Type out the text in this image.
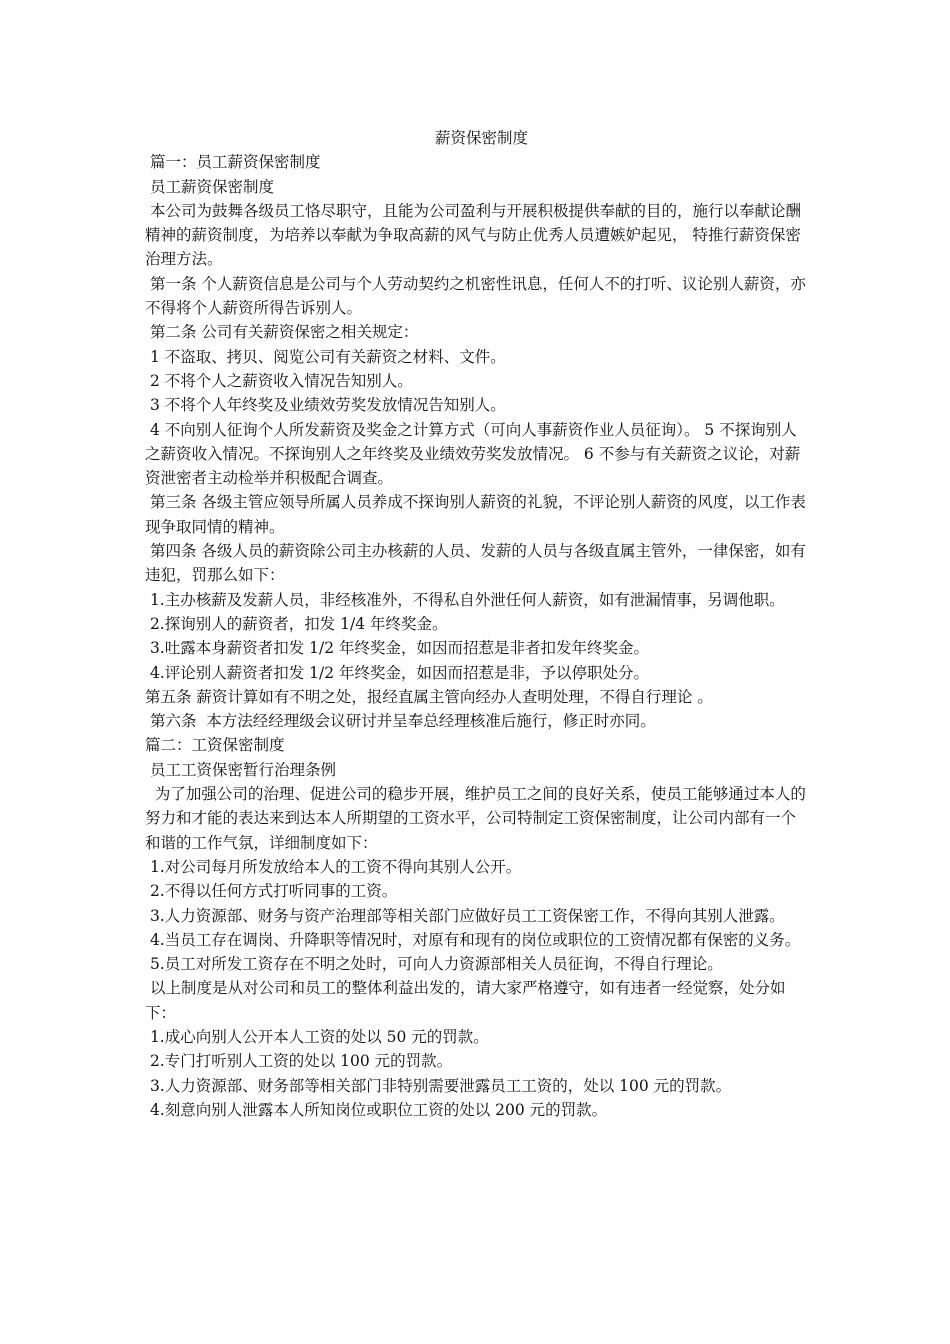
薪资保密制度

篇一：员工薪资保密制度

员工薪资保密制度

本公司为鼓舞各级员工恪尽职守，且能为公司盈利与开展积极提供奉献的目的，施行以奉献论酬精神的薪资制度，为培养以奉献为争取高薪的风气与防止优秀人员遭嫉妒起见， 特推行薪资保密治理方法。

第一条 个人薪资信息是公司与个人劳动契约之机密性讯息，任何人不的打听、议论别人薪资，亦不得将个人薪资所得告诉别人。

第二条 公司有关薪资保密之相关规定：

1 不盗取、拷贝、阅览公司有关薪资之材料、文件。

2 不将个人之薪资收入情况告知别人。

3 不将个人年终奖及业绩效劳奖发放情况告知别人。

4 不向别人征询个人所发薪资及奖金之计算方式（可向人事薪资作业人员征询）。 5 不探询别人之薪资收入情况。不探询别人之年终奖及业绩效劳奖发放情况。 6 不参与有关薪资之议论，对薪资泄密者主动检举并积极配合调查。

第三条 各级主管应领导所属人员养成不探询别人薪资的礼貌，不评论别人薪资的风度，以工作表现争取同情的精神。

第四条 各级人员的薪资除公司主办核薪的人员、发薪的人员与各级直属主管外，一律保密，如有违犯，罚那么如下：

1.主办核薪及发薪人员，非经核准外，不得私自外泄任何人薪资，如有泄漏情事，另调他职。

2.探询别人的薪资者，扣发 1/4 年终奖金。

3.吐露本身薪资者扣发 1/2 年终奖金，如因而招惹是非者扣发年终奖金。

4.评论别人薪资者扣发 1/2 年终奖金，如因而招惹是非，予以停职处分。

第五条 薪资计算如有不明之处，报经直属主管向经办人查明处理，不得自行理论 。

第六条  本方法经经理级会议研讨并呈奉总经理核准后施行，修正时亦同。

篇二：工资保密制度

员工工资保密暂行治理条例

为了加强公司的治理、促进公司的稳步开展，维护员工之间的良好关系，使员工能够通过本人的努力和才能的表达来到达本人所期望的工资水平，公司特制定工资保密制度，让公司内部有一个和谐的工作气氛，详细制度如下：

1.对公司每月所发放给本人的工资不得向其别人公开。

2.不得以任何方式打听同事的工资。

3.人力资源部、财务与资产治理部等相关部门应做好员工工资保密工作，不得向其别人泄露。

4.当员工存在调岗、升降职等情况时，对原有和现有的岗位或职位的工资情况都有保密的义务。

5.员工对所发工资存在不明之处时，可向人力资源部相关人员征询，不得自行理论。

以上制度是从对公司和员工的整体利益出发的，请大家严格遵守，如有违者一经觉察，处分如下：

1.成心向别人公开本人工资的处以 50 元的罚款。

2.专门打听别人工资的处以 100 元的罚款。

3.人力资源部、财务部等相关部门非特别需要泄露员工工资的，处以 100 元的罚款。

4.刻意向别人泄露本人所知岗位或职位工资的处以 200 元的罚款。
